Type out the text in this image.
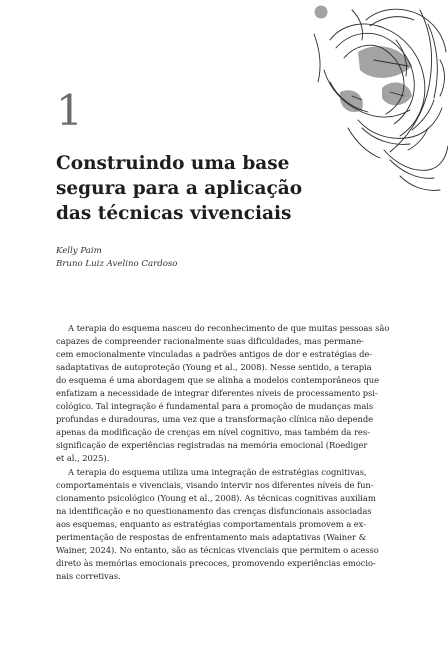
1
Construindo uma base
segura para a aplicação
das técnicas vivenciais
Kelly Paim
Bruno Luiz Avelino Cardoso
A terapia do esquema nasceu do reconhecimento de que muitas pessoas são
capazes de compreender racionalmente suas dificuldades, mas permane-
cem emocionalmente vinculadas a padrões antigos de dor e estratégias de-
sadaptativas de autoproteção (Young et al., 2008). Nesse sentido, a terapia
do esquema é uma abordagem que se alinha a modelos contemporâneos que
enfatizam a necessidade de integrar diferentes níveis de processamento psi-
cológico. Tal integração é fundamental para a promoção de mudanças mais
profundas e duradouras, uma vez que a transformação clínica não depende
apenas da modificação de crenças em nível cognitivo, mas também da res-
significação de experiências registradas na memória emocional (Roediger
et al., 2025).
A terapia do esquema utiliza uma integração de estratégias cognitivas,
comportamentais e vivenciais, visando intervir nos diferentes níveis de fun-
cionamento psicológico (Young et al., 2008). As técnicas cognitivas auxiliam
na identificação e no questionamento das crenças disfuncionais associadas
aos esquemas, enquanto as estratégias comportamentais promovem a ex-
perimentação de respostas de enfrentamento mais adaptativas (Wainer &
Wainer, 2024). No entanto, são as técnicas vivenciais que permitem o acesso
direto às memórias emocionais precoces, promovendo experiências emocio-
nais corretivas.
